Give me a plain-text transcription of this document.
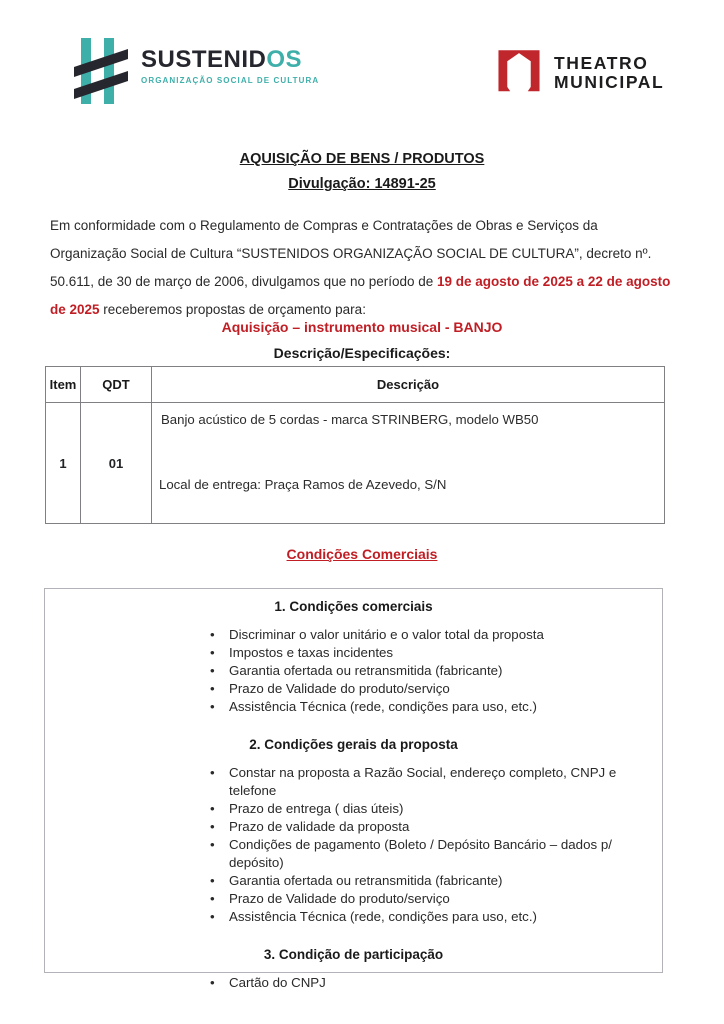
SUSTENIDOS
ORGANIZAÇÃO SOCIAL DE CULTURA
THEATRO
MUNICIPAL
AQUISIÇÃO DE BENS / PRODUTOS
Divulgação: 14891-25

Em conformidade com o Regulamento de Compras e Contratações de Obras e Serviços da Organização Social de Cultura “SUSTENIDOS ORGANIZAÇÃO SOCIAL DE CULTURA”, decreto nº. 50.611, de 30 de março de 2006, divulgamos que no período de 19 de agosto de 2025 a 22 de agosto de 2025 receberemos propostas de orçamento para:

Aquisição – instrumento musical - BANJO
Descrição/Especificações:
Item	QDT	Descrição
1	01	Banjo acústico de 5 cordas - marca STRINBERG, modelo WB50
Local de entrega: Praça Ramos de Azevedo, S/N
Condições Comerciais
1. Condições comerciais
• Discriminar o valor unitário e o valor total da proposta
• Impostos e taxas incidentes
• Garantia ofertada ou retransmitida (fabricante)
• Prazo de Validade do produto/serviço
• Assistência Técnica (rede, condições para uso, etc.)
2. Condições gerais da proposta
• Constar na proposta a Razão Social, endereço completo, CNPJ e telefone
• Prazo de entrega ( dias úteis)
• Prazo de validade da proposta
• Condições de pagamento (Boleto / Depósito Bancário – dados p/ depósito)
• Garantia ofertada ou retransmitida (fabricante)
• Prazo de Validade do produto/serviço
• Assistência Técnica (rede, condições para uso, etc.)
3. Condição de participação
• Cartão do CNPJ
